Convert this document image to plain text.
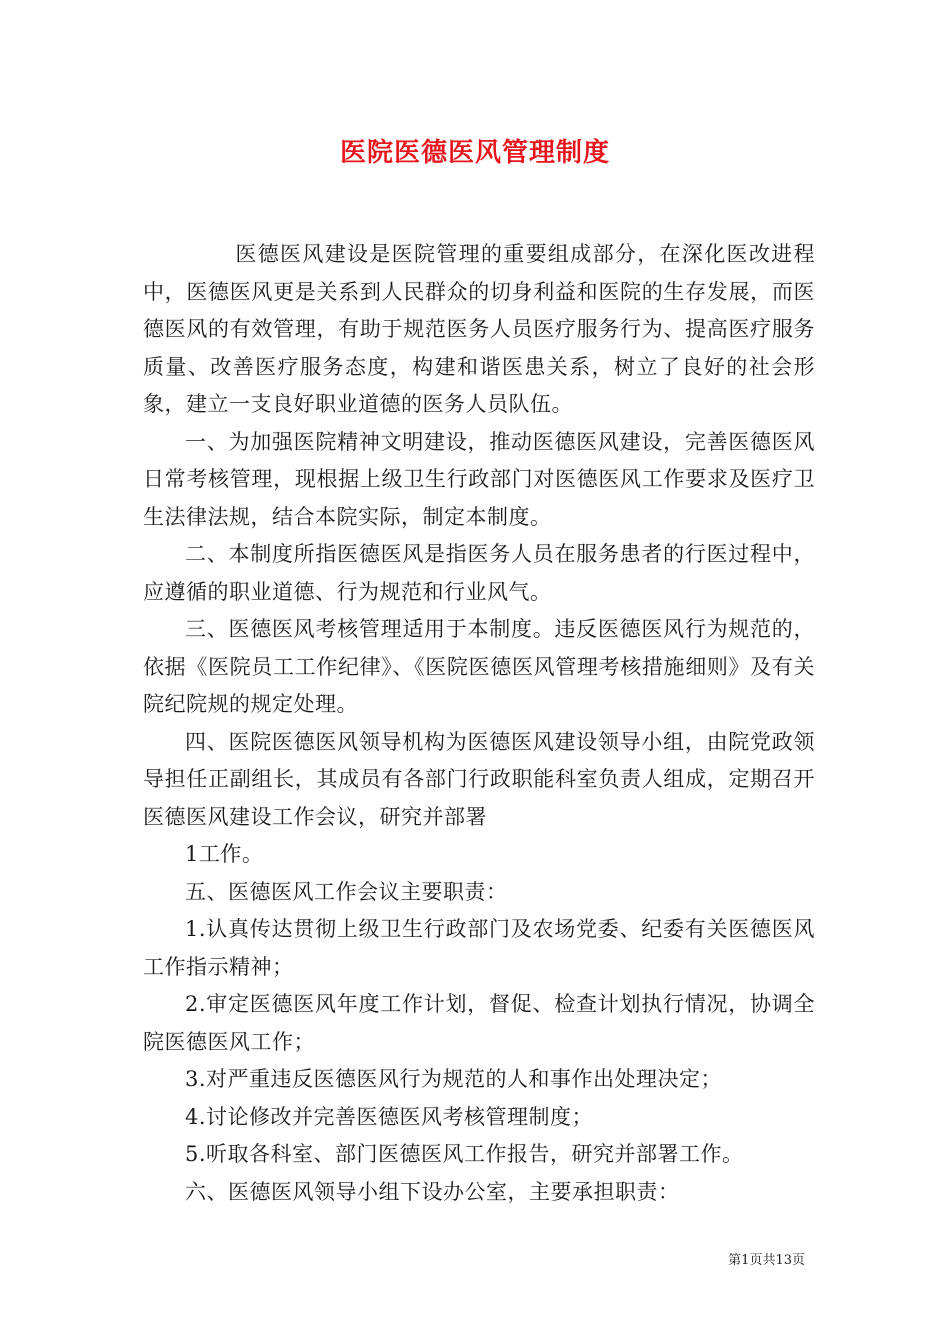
医院医德医风管理制度

医德医风建设是医院管理的重要组成部分，在深化医改进程中，医德医风更是关系到人民群众的切身利益和医院的生存发展，而医德医风的有效管理，有助于规范医务人员医疗服务行为、提高医疗服务质量、改善医疗服务态度，构建和谐医患关系，树立了良好的社会形象，建立一支良好职业道德的医务人员队伍。

一、为加强医院精神文明建设，推动医德医风建设，完善医德医风日常考核管理，现根据上级卫生行政部门对医德医风工作要求及医疗卫生法律法规，结合本院实际，制定本制度。

二、本制度所指医德医风是指医务人员在服务患者的行医过程中，应遵循的职业道德、行为规范和行业风气。

三、医德医风考核管理适用于本制度。违反医德医风行为规范的，依据《医院员工工作纪律》、《医院医德医风管理考核措施细则》及有关院纪院规的规定处理。

四、医院医德医风领导机构为医德医风建设领导小组，由院党政领导担任正副组长，其成员有各部门行政职能科室负责人组成，定期召开医德医风建设工作会议，研究并部署

1工作。

五、医德医风工作会议主要职责：

1.认真传达贯彻上级卫生行政部门及农场党委、纪委有关医德医风工作指示精神；

2.审定医德医风年度工作计划，督促、检查计划执行情况，协调全院医德医风工作；

3.对严重违反医德医风行为规范的人和事作出处理决定；

4.讨论修改并完善医德医风考核管理制度；

5.听取各科室、部门医德医风工作报告，研究并部署工作。

六、医德医风领导小组下设办公室，主要承担职责：

第1页共13页
